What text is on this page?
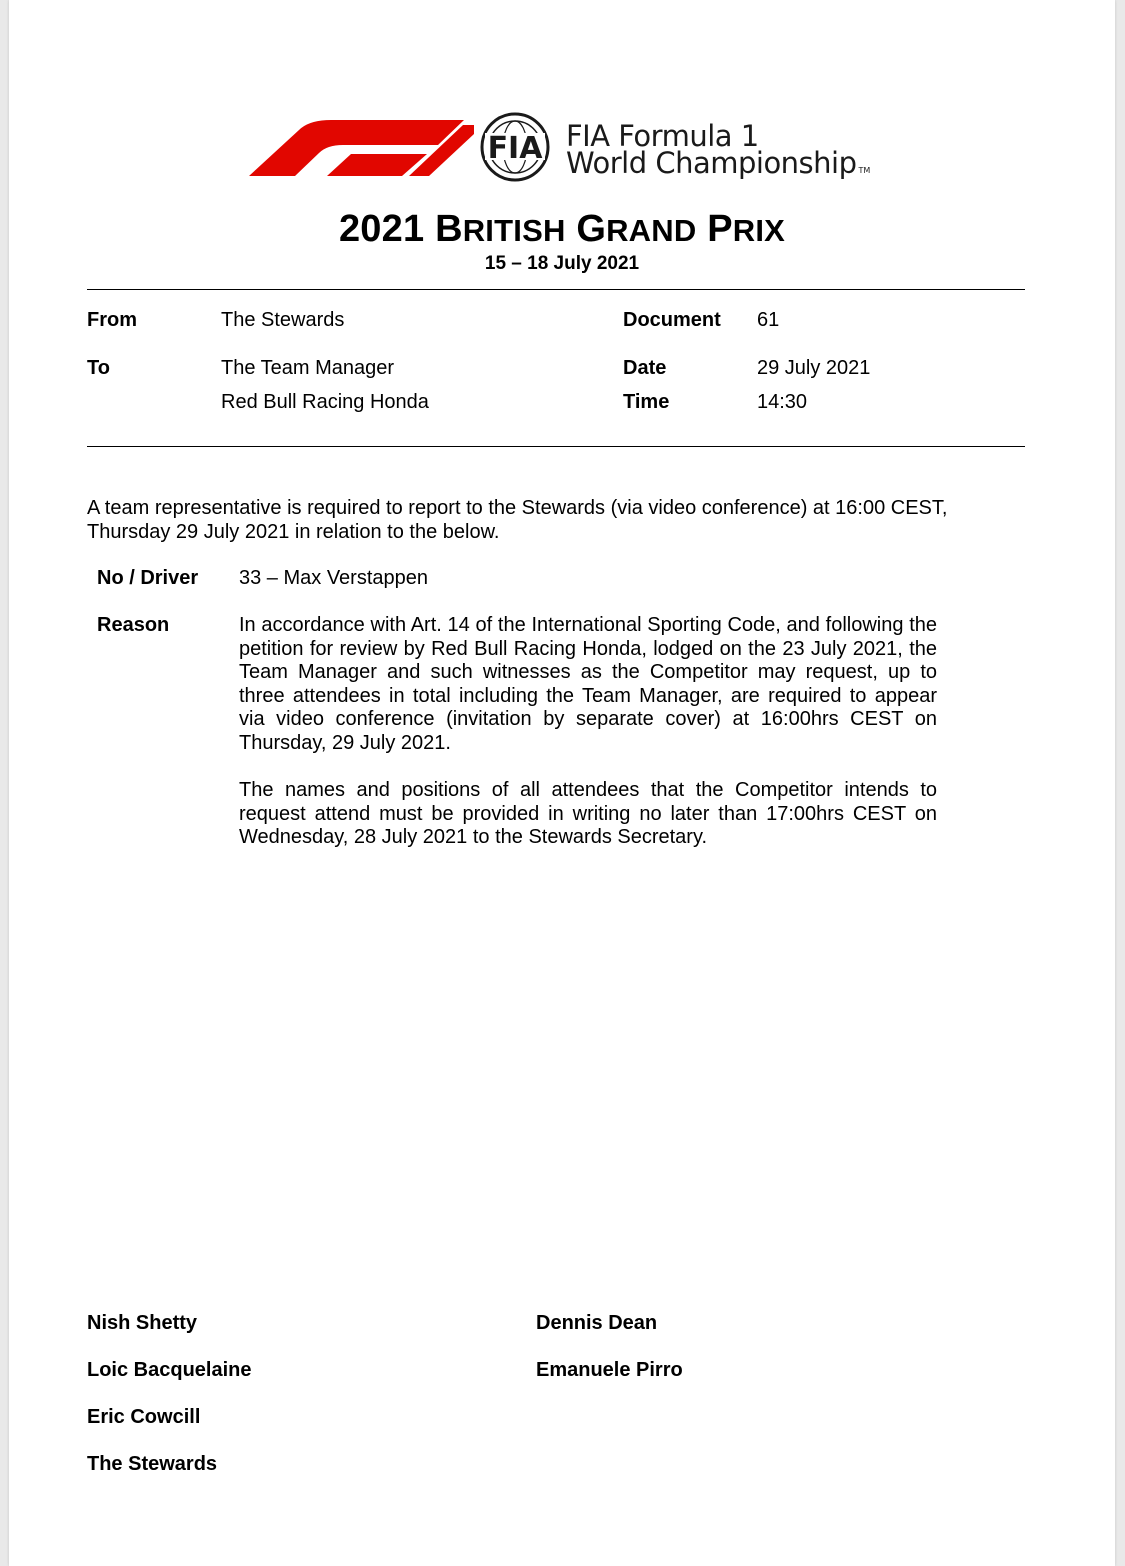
FIA FIA Formula 1
World Championship TM
2021 BRITISH GRAND PRIX
15 – 18 July 2021
From	The Stewards	Document 61
To	The Team Manager	Date	29 July 2021
Red Bull Racing Honda	Time	14:30
A team representative is required to report to the Stewards (via video conference) at 16:00 CEST, Thursday 29 July 2021 in relation to the below.
No / Driver 33 – Max Verstappen
Reason	In accordance with Art. 14 of the International Sporting Code, and following the petition for review by Red Bull Racing Honda, lodged on the 23 July 2021, the Team Manager and such witnesses as the Competitor may request, up to three attendees in total including the Team Manager, are required to appear via video conference (invitation by separate cover) at 16:00hrs CEST on Thursday, 29 July 2021.
The names and positions of all attendees that the Competitor intends to request attend must be provided in writing no later than 17:00hrs CEST on Wednesday, 28 July 2021 to the Stewards Secretary.
Nish Shetty
Loic Bacquelaine
Eric Cowcill
The Stewards
Dennis Dean
Emanuele Pirro
